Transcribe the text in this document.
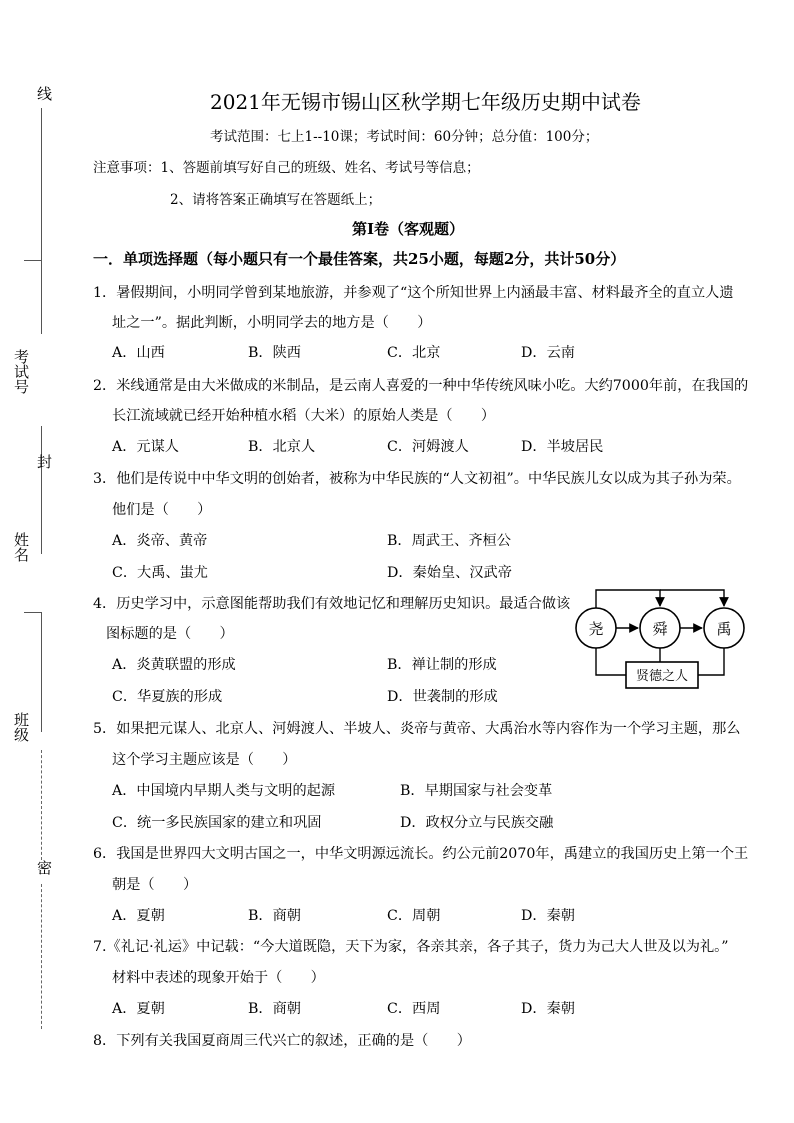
线
考试号
封
姓名
班级
密
2021年无锡市锡山区秋学期七年级历史期中试卷
考试范围：七上1--10课；考试时间：60分钟；总分值：100分；
注意事项：1、答题前填写好自己的班级、姓名、考试号等信息；
2、请将答案正确填写在答题纸上；
第Ⅰ卷（客观题）
一．单项选择题（每小题只有一个最佳答案，共25小题，每题2分，共计50分）
1．暑假期间，小明同学曾到某地旅游，并参观了“这个所知世界上内涵最丰富、材料最齐全的直立人遗
址之一”。据此判断，小明同学去的地方是（　　）
A．山西	B．陕西	C．北京	D．云南
2．米线通常是由大米做成的米制品，是云南人喜爱的一种中华传统风味小吃。大约7000年前，在我国的
长江流域就已经开始种植水稻（大米）的原始人类是（　　）
A．元谋人	B．北京人	C．河姆渡人	D．半坡居民
3．他们是传说中中华文明的创始者，被称为中华民族的“人文初祖”。中华民族儿女以成为其子孙为荣。
他们是（　　）
A．炎帝、黄帝	B．周武王、齐桓公
C．大禹、蚩尤	D．秦始皇、汉武帝
4．历史学习中，示意图能帮助我们有效地记忆和理解历史知识。最适合做该
图标题的是（　　）
A．炎黄联盟的形成	B．禅让制的形成
C．华夏族的形成	D．世袭制的形成
尧	舜	禹
贤德之人
5．如果把元谋人、北京人、河姆渡人、半坡人、炎帝与黄帝、大禹治水等内容作为一个学习主题，那么
这个学习主题应该是（　　）
A．中国境内早期人类与文明的起源	B．早期国家与社会变革
C．统一多民族国家的建立和巩固	D．政权分立与民族交融
6．我国是世界四大文明古国之一，中华文明源远流长。约公元前2070年，禹建立的我国历史上第一个王
朝是（　　）
A．夏朝	B．商朝	C．周朝	D．秦朝
7.《礼记·礼运》中记载：“今大道既隐，天下为家，各亲其亲，各子其子，货力为己大人世及以为礼。”
材料中表述的现象开始于（　　）
A．夏朝	B．商朝	C．西周	D．秦朝
8．下列有关我国夏商周三代兴亡的叙述，正确的是（　　）
